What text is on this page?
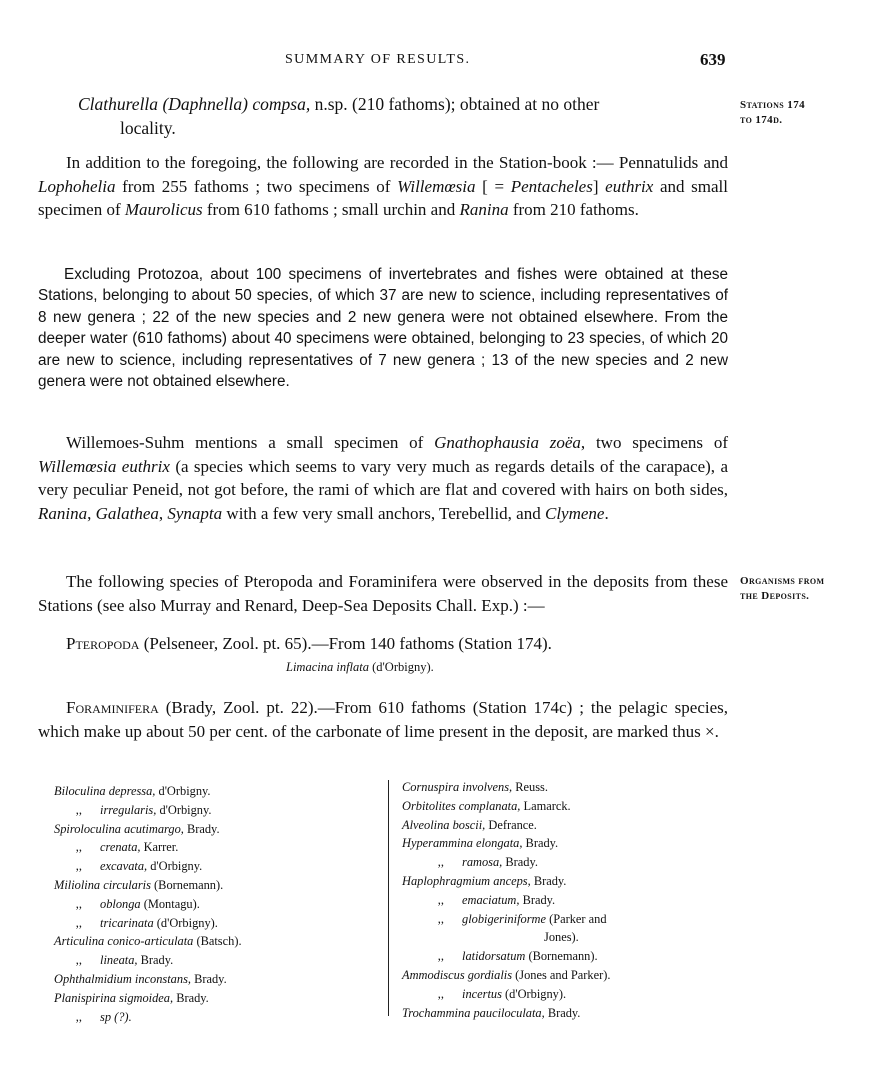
SUMMARY OF RESULTS.	639
Stations 174
to 174d.
Organisms from
the Deposits.
Clathurella (Daphnella) compsa, n.sp. (210 fathoms); obtained at no other
locality.
In addition to the foregoing, the following are recorded in the Station-book :— Pennatulids and Lophohelia from 255 fathoms ; two specimens of Willemœsia [ = Pentacheles] euthrix and small specimen of Maurolicus from 610 fathoms ; small urchin and Ranina from 210 fathoms.
Excluding Protozoa, about 100 specimens of invertebrates and fishes were obtained at these Stations, belonging to about 50 species, of which 37 are new to science, including representatives of 8 new genera ; 22 of the new species and 2 new genera were not obtained elsewhere. From the deeper water (610 fathoms) about 40 specimens were obtained, belonging to 23 species, of which 20 are new to science, including representatives of 7 new genera ; 13 of the new species and 2 new genera were not obtained elsewhere.
Willemoes-Suhm mentions a small specimen of Gnathophausia zoëa, two specimens of Willemœsia euthrix (a species which seems to vary very much as regards details of the carapace), a very peculiar Peneid, not got before, the rami of which are flat and covered with hairs on both sides, Ranina, Galathea, Synapta with a few very small anchors, Terebellid, and Clymene.
The following species of Pteropoda and Foraminifera were observed in the deposits from these Stations (see also Murray and Renard, Deep-Sea Deposits Chall. Exp.) :—
Pteropoda (Pelseneer, Zool. pt. 65).—From 140 fathoms (Station 174).
Limacina inflata (d'Orbigny).
Foraminifera (Brady, Zool. pt. 22).—From 610 fathoms (Station 174c) ; the pelagic species, which make up about 50 per cent. of the carbonate of lime present in the deposit, are marked thus ×.
Biloculina depressa, d'Orbigny.
,, irregularis, d'Orbigny.
Spiroloculina acutimargo, Brady.
,, crenata, Karrer.
,, excavata, d'Orbigny.
Miliolina circularis (Bornemann).
,, oblonga (Montagu).
,, tricarinata (d'Orbigny).
Articulina conico-articulata (Batsch).
,, lineata, Brady.
Ophthalmidium inconstans, Brady.
Planispirina sigmoidea, Brady.
,, sp (?).
Cornuspira involvens, Reuss.
Orbitolites complanata, Lamarck.
Alveolina boscii, Defrance.
Hyperammina elongata, Brady.
,, ramosa, Brady.
Haplophragmium anceps, Brady.
,, emaciatum, Brady.
,, globigeriniforme (Parker and
Jones).
,, latidorsatum (Bornemann).
Ammodiscus gordialis (Jones and Parker).
,, incertus (d'Orbigny).
Trochammina pauciloculata, Brady.
